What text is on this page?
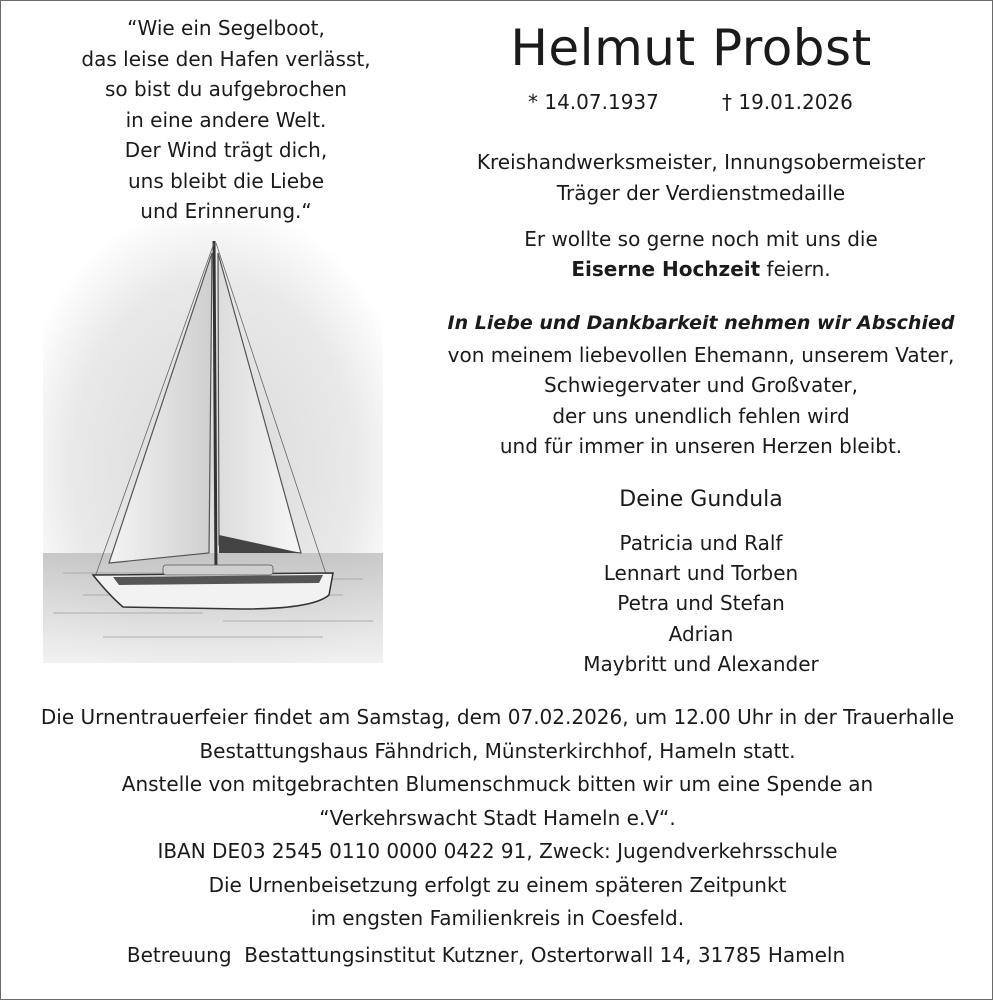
“Wie ein Segelboot,
das leise den Hafen verlässt,
so bist du aufgebrochen
in eine andere Welt.
Der Wind trägt dich,
uns bleibt die Liebe
und Erinnerung.“
Helmut Probst
* 14.07.1937	† 19.01.2026
Kreishandwerksmeister, Innungsobermeister
Träger der Verdienstmedaille
Er wollte so gerne noch mit uns die
Eiserne Hochzeit feiern.
In Liebe und Dankbarkeit nehmen wir Abschied
von meinem liebevollen Ehemann, unserem Vater,
Schwiegervater und Großvater,
der uns unendlich fehlen wird
und für immer in unseren Herzen bleibt.
Deine Gundula
Patricia und Ralf
Lennart und Torben
Petra und Stefan
Adrian
Maybritt und Alexander
Die Urnentrauerfeier findet am Samstag, dem 07.02.2026, um 12.00 Uhr in der Trauerhalle
Bestattungshaus Fähndrich, Münsterkirchhof, Hameln statt.
Anstelle von mitgebrachten Blumenschmuck bitten wir um eine Spende an
“Verkehrswacht Stadt Hameln e.V“.
IBAN DE03 2545 0110 0000 0422 91, Zweck: Jugendverkehrsschule
Die Urnenbeisetzung erfolgt zu einem späteren Zeitpunkt
im engsten Familienkreis in Coesfeld.
Betreuung  Bestattungsinstitut Kutzner, Ostertorwall 14, 31785 Hameln
